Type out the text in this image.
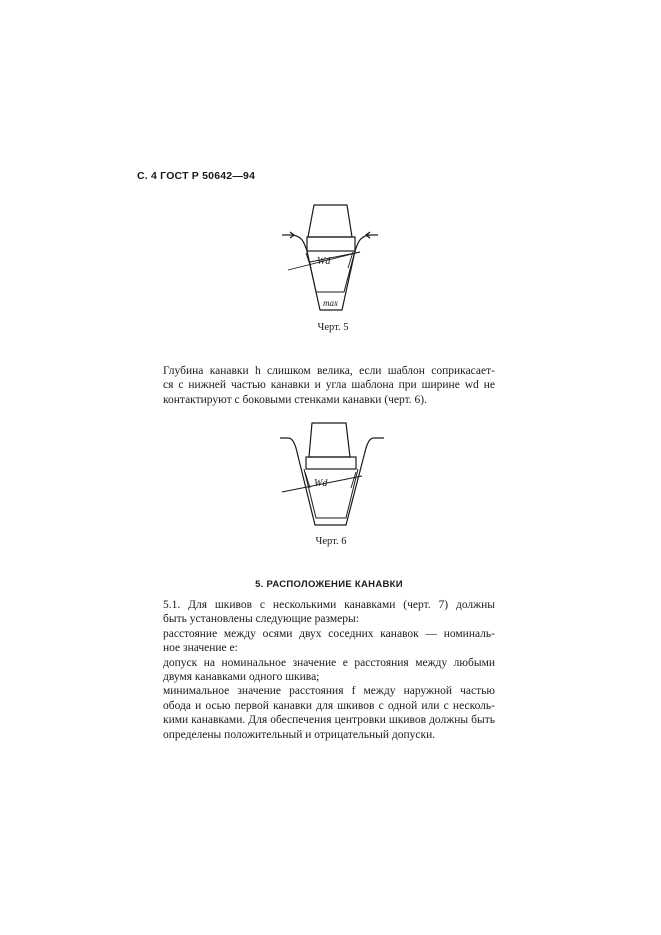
С. 4 ГОСТ Р 50642—94
Wd
max
Черт. 5
Глубина канавки h слишком велика, если шаблон соприкасает-
ся с нижней частью канавки и угла шаблона при ширине wd не
контактируют с боковыми стенками канавки (черт. 6).
Wd
Черт. 6
5. РАСПОЛОЖЕНИЕ КАНАВКИ
5.1. Для шкивов с несколькими канавками (черт. 7) должны
быть установлены следующие размеры:
расстояние между осями двух соседних канавок — номиналь-
ное значение e:
допуск на номинальное значение e расстояния между любыми
двумя канавками одного шкива;
минимальное значение расстояния f между наружной частью
обода и осью первой канавки для шкивов с одной или с несколь-
кими канавками. Для обеспечения центровки шкивов должны быть
определены положительный и отрицательный допуски.
